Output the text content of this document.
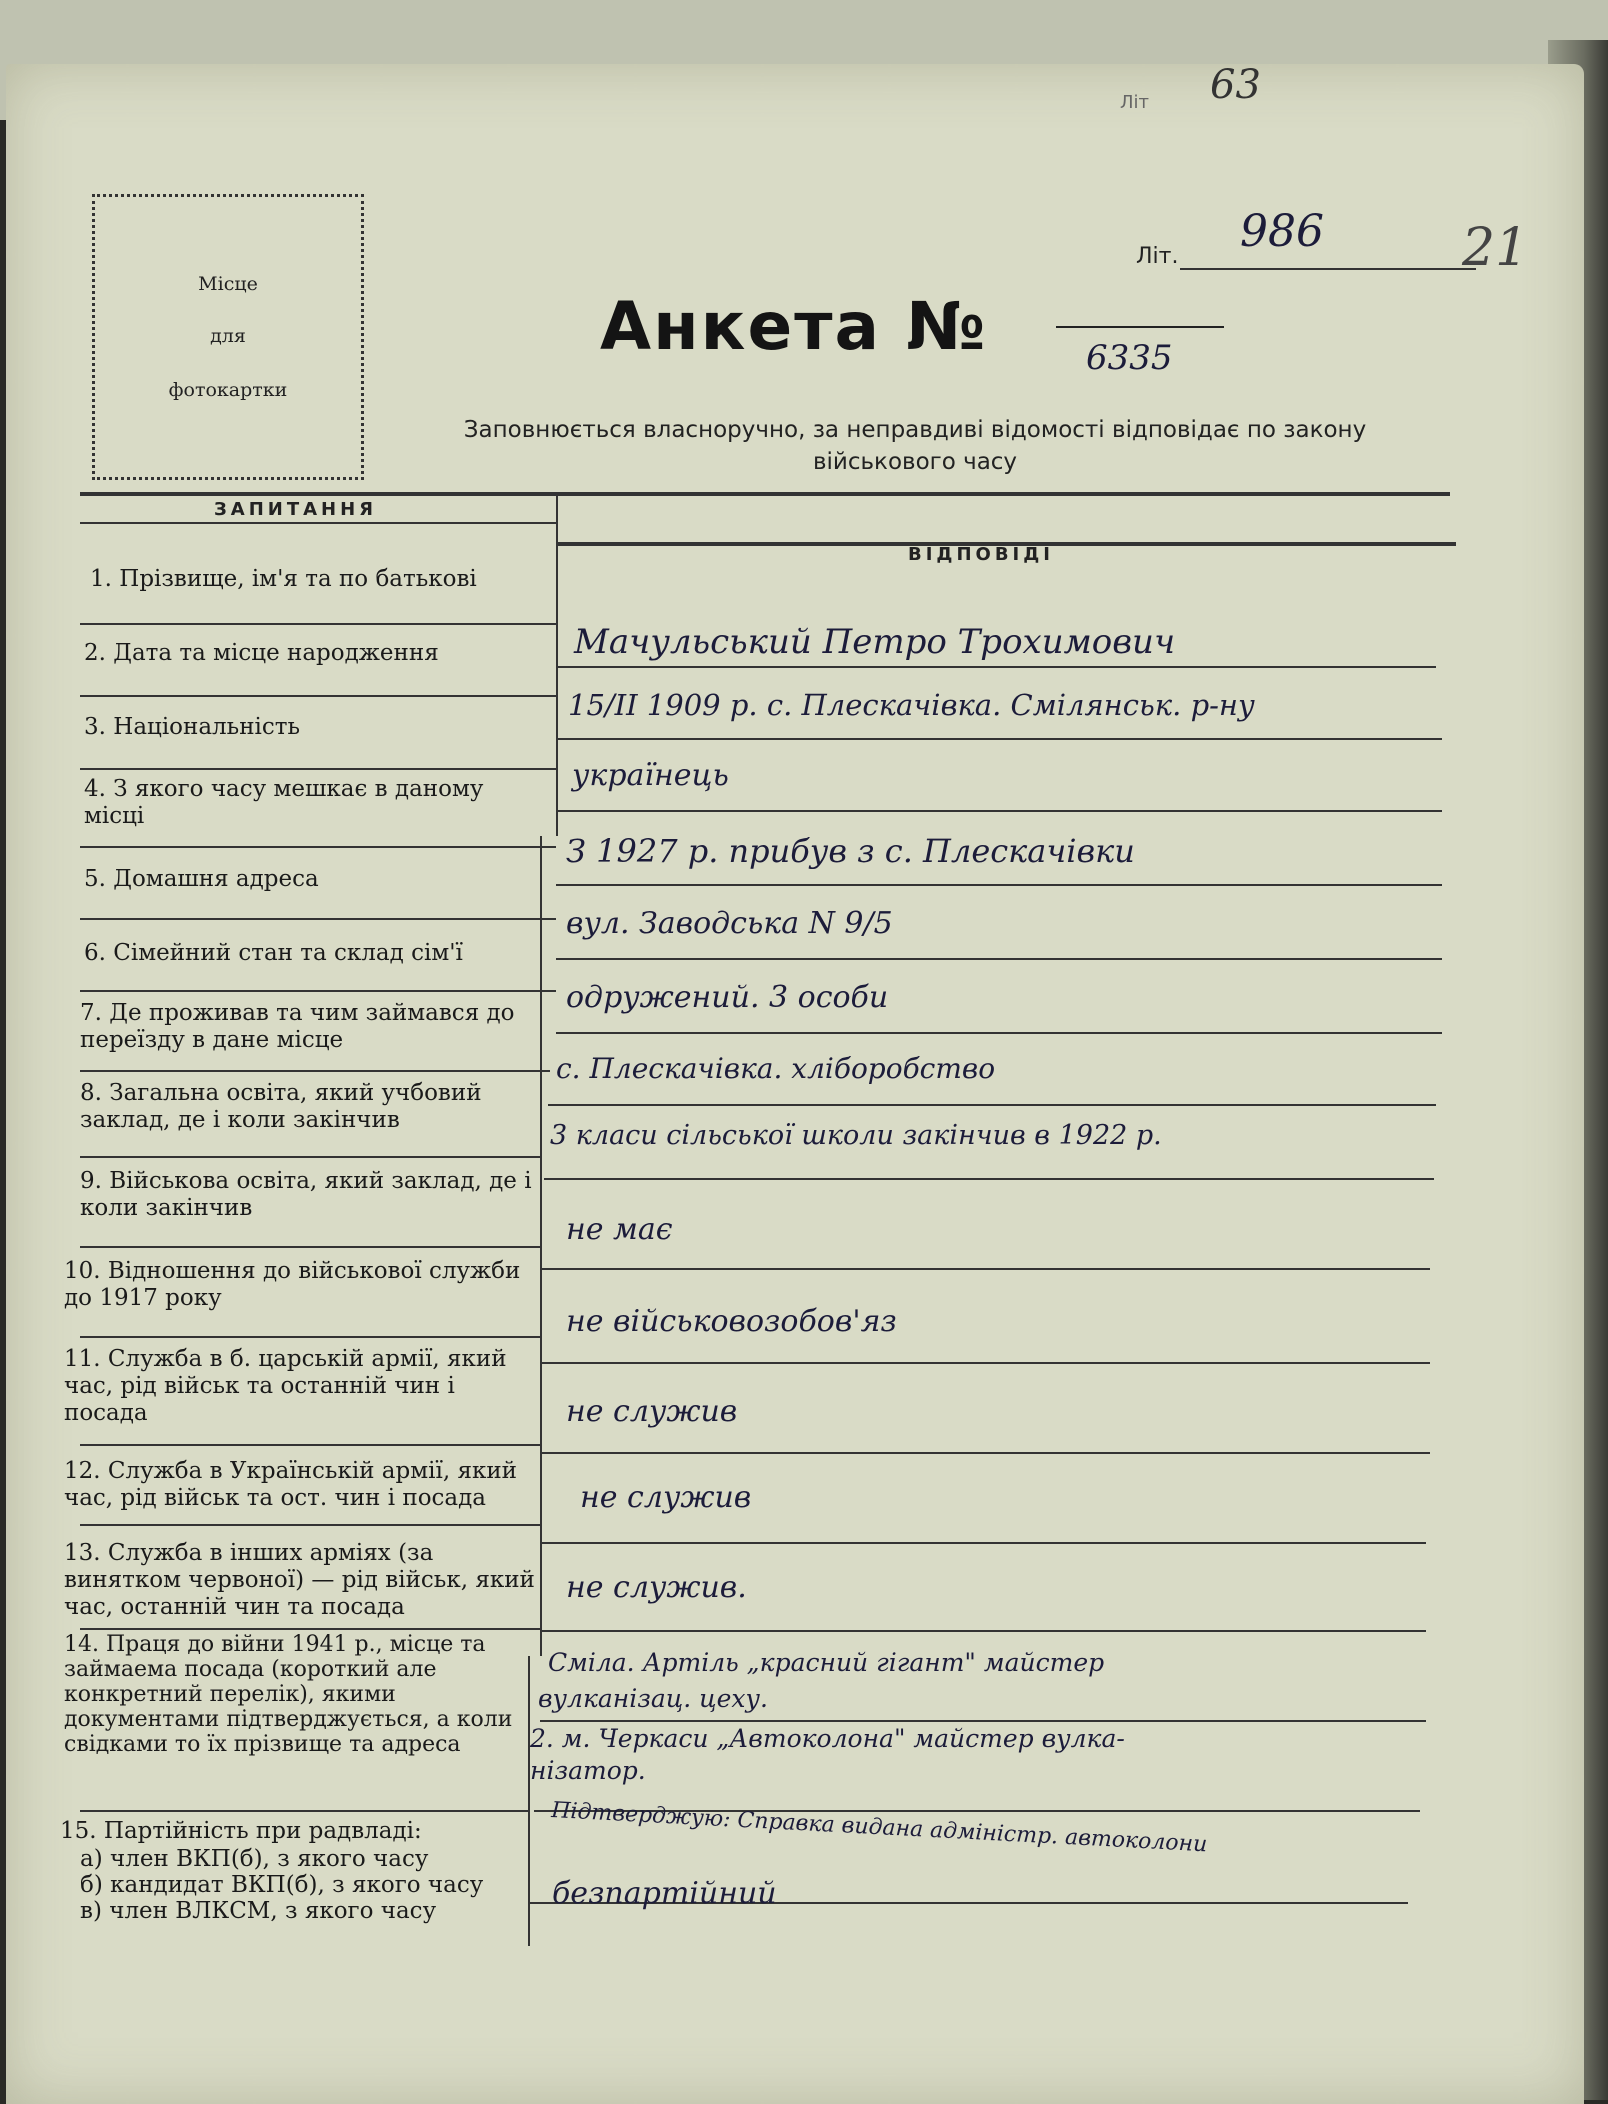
Літ 63
Місце
для
фотокартки
Літ. 986	21
Анкета №	6335
Заповнюється власноручно, за неправдиві відомості відповідає по закону військового часу
ЗАПИТАННЯ
ВІДПОВІДІ
1. Прізвище, ім'я та по батькові
2. Дата та місце народження
3. Національність
4. З якого часу мешкає в даному місці
5. Домашня адреса
6. Сімейний стан та склад сім'ї
7. Де проживав та чим займався до переїзду в дане місце
8. Загальна освіта, який учбовий заклад, де і коли закінчив
9. Військова освіта, який заклад, де і коли закінчив
10. Відношення до військової служби до 1917 року
11. Служба в б. царській армії, який час, рід військ та останній чин і посада
12. Служба в Українській армії, який час, рід військ та ост. чин і посада
13. Служба в інших арміях (за винятком червоної) — рід військ, який час, останній чин та посада
14. Праця до війни 1941 р., місце та займаема посада (короткий але конкретний перелік), якими документами підтверджується, а коли свідками то їх прізвище та адреса
15. Партійність при радвладі:
а) член ВКП(б), з якого часу
б) кандидат ВКП(б), з якого часу
в) член ВЛКСМ, з якого часу
Мачульський Петро Трохимович
15/II 1909 р. с. Плескачівка. Смілянськ. р-ну
українець
З 1927 р. прибув з с. Плескачівки
вул. Заводська N 9/5
одружений. 3 особи
с. Плескачівка. хліборобство
3 класи сільської школи закінчив в 1922 р.
не має
не військовозобов'яз
не служив
не служив
не служив.
Сміла. Артіль „красний гігант" майстер
вулканізац. цеху.
2. м. Черкаси „Автоколона" майстер вулка-
нізатор.
Підтверджую: Справка видана адміністр. автоколони
безпартійний
